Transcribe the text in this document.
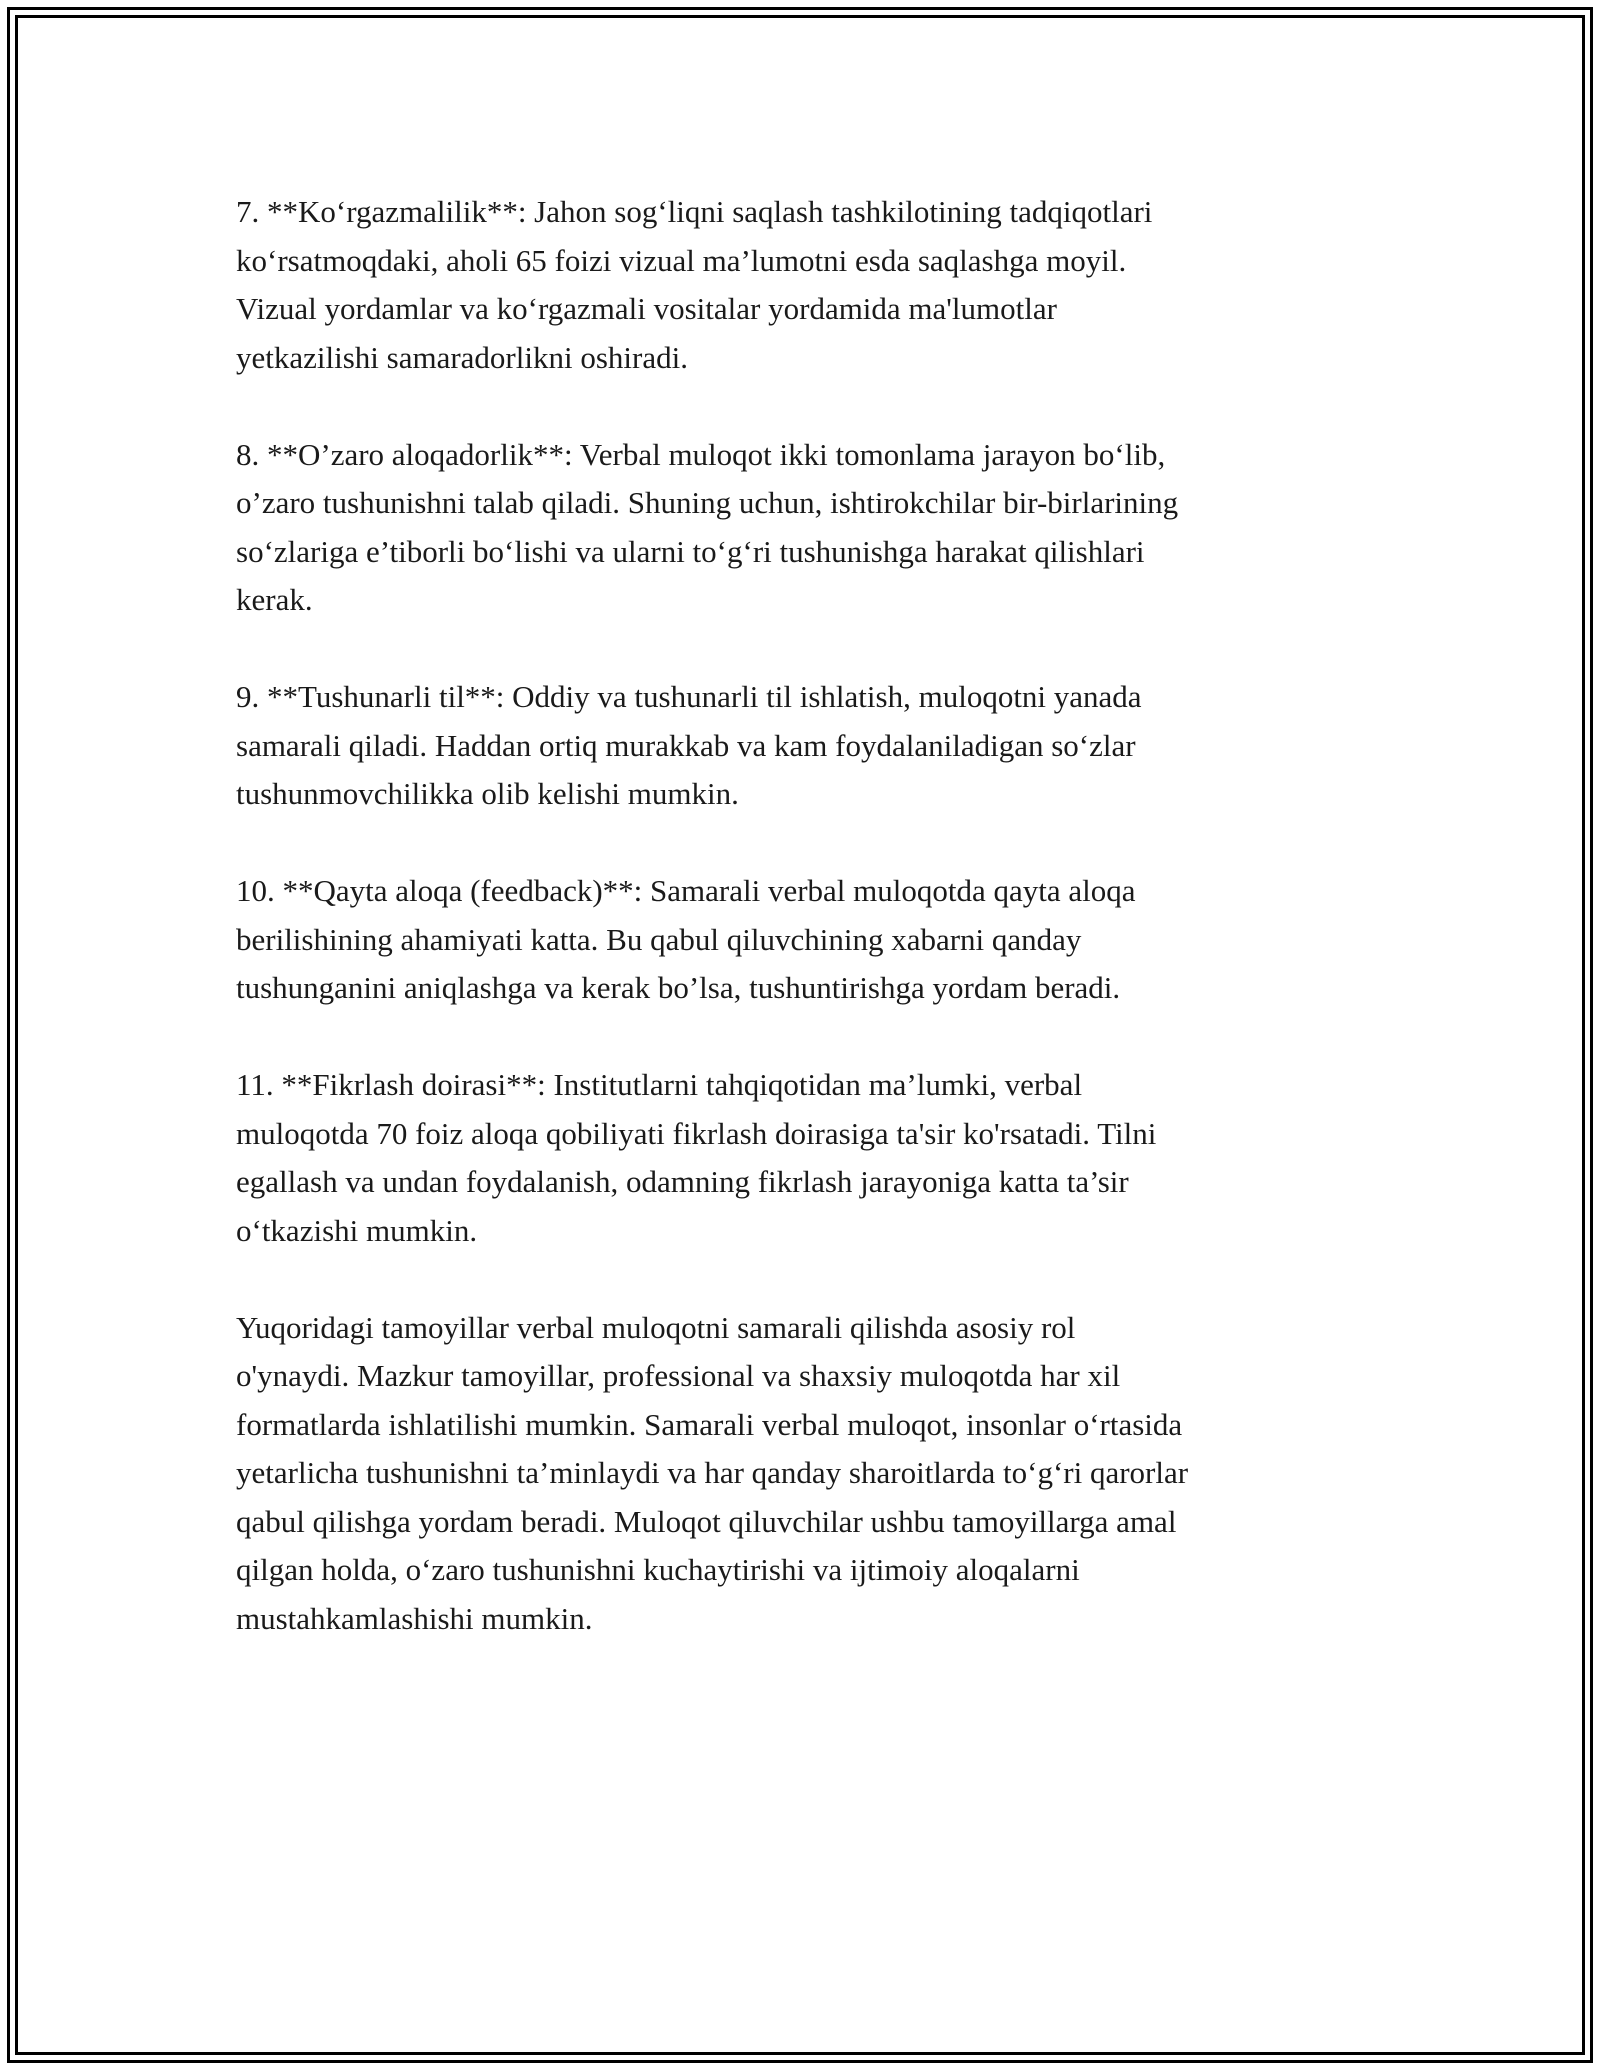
7. **Ko‘rgazmalilik**: Jahon sog‘liqni saqlash tashkilotining tadqiqotlari
ko‘rsatmoqdaki, aholi 65 foizi vizual ma’lumotni esda saqlashga moyil.
Vizual yordamlar va ko‘rgazmali vositalar yordamida ma'lumotlar
yetkazilishi samaradorlikni oshiradi.

8. **O’zaro aloqadorlik**: Verbal muloqot ikki tomonlama jarayon bo‘lib,
o’zaro tushunishni talab qiladi. Shuning uchun, ishtirokchilar bir-birlarining
so‘zlariga e’tiborli bo‘lishi va ularni to‘g‘ri tushunishga harakat qilishlari
kerak.

9. **Tushunarli til**: Oddiy va tushunarli til ishlatish, muloqotni yanada
samarali qiladi. Haddan ortiq murakkab va kam foydalaniladigan so‘zlar
tushunmovchilikka olib kelishi mumkin.

10. **Qayta aloqa (feedback)**: Samarali verbal muloqotda qayta aloqa
berilishining ahamiyati katta. Bu qabul qiluvchining xabarni qanday
tushunganini aniqlashga va kerak bo’lsa, tushuntirishga yordam beradi.

11. **Fikrlash doirasi**: Institutlarni tahqiqotidan ma’lumki, verbal
muloqotda 70 foiz aloqa qobiliyati fikrlash doirasiga ta'sir ko'rsatadi. Tilni
egallash va undan foydalanish, odamning fikrlash jarayoniga katta ta’sir
o‘tkazishi mumkin.

Yuqoridagi tamoyillar verbal muloqotni samarali qilishda asosiy rol
o'ynaydi. Mazkur tamoyillar, professional va shaxsiy muloqotda har xil
formatlarda ishlatilishi mumkin. Samarali verbal muloqot, insonlar o‘rtasida
yetarlicha tushunishni ta’minlaydi va har qanday sharoitlarda to‘g‘ri qarorlar
qabul qilishga yordam beradi. Muloqot qiluvchilar ushbu tamoyillarga amal
qilgan holda, o‘zaro tushunishni kuchaytirishi va ijtimoiy aloqalarni
mustahkamlashishi mumkin.
